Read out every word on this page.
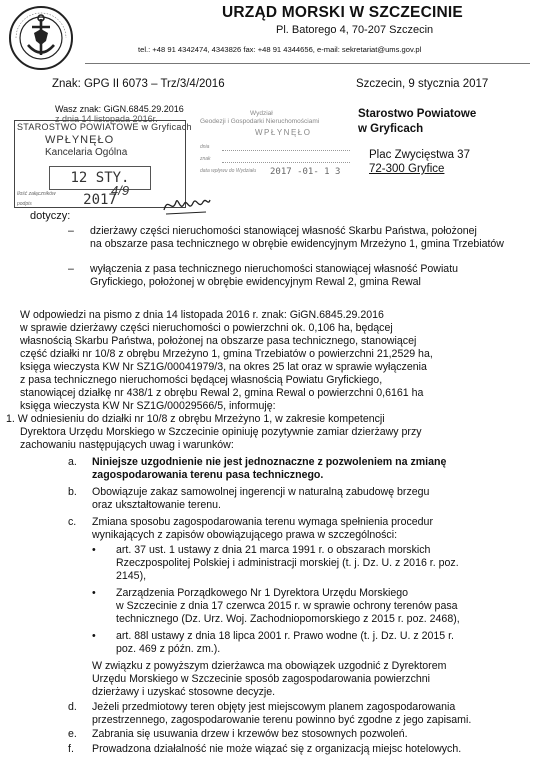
URZĄD MORSKI W SZCZECINIE
Pl. Batorego 4, 70-207 Szczecin
tel.: +48 91 4342474, 4343826 fax: +48 91 4344656, e-mail: sekretariat@ums.gov.pl
Znak: GPG II 6073 – Trz/3/4/2016	Szczecin, 9 stycznia 2017
Wasz znak: GiGN.6845.29.2016
z dnia 14 listopada 2016r.
STAROSTWO POWIATOWE w Gryficach
WPŁYNĘŁO
Kancelaria Ogólna
12 STY. 2017
Ilość załączników
podpis
4/9
Wydział
Geodezji i Gospodarki Nieruchomościami
WPŁYNĘŁO
dnia
znak
data wpływu do Wydziału 2017 -01- 1 3
Starostwo Powiatowe
w Gryficach
Plac Zwycięstwa 37
72-300 Gryfice
dotyczy:
– dzierżawy części nieruchomości stanowiącej własność Skarbu Państwa, położonej
na obszarze pasa technicznego w obrębie ewidencyjnym Mrzeżyno 1, gmina Trzebiatów
– wyłączenia z pasa technicznego nieruchomości stanowiącej własność Powiatu
Gryfickiego, położonej w obrębie ewidencyjnym Rewal 2, gmina Rewal
W odpowiedzi na pismo z dnia 14 listopada 2016 r. znak: GiGN.6845.29.2016
w sprawie dzierżawy części nieruchomości o powierzchni ok. 0,106 ha, będącej
własnością Skarbu Państwa, położonej na obszarze pasa technicznego, stanowiącej
część działki nr 10/8 z obrębu Mrzeżyno 1, gmina Trzebiatów o powierzchni 21,2529 ha,
księga wieczysta KW Nr SZ1G/00041979/3, na okres 25 lat oraz w sprawie wyłączenia
z pasa technicznego nieruchomości będącej własnością Powiatu Gryfickiego,
stanowiącej działkę nr 438/1 z obrębu Rewal 2, gmina Rewal o powierzchni 0,6161 ha
księga wieczysta KW Nr SZ1G/00029566/5, informuję:
1. W odniesieniu do działki nr 10/8 z obrębu Mrzeżyno 1, w zakresie kompetencji
Dyrektora Urzędu Morskiego w Szczecinie opiniuję pozytywnie zamiar dzierżawy przy
zachowaniu następujących uwag i warunków:
a. Niniejsze uzgodnienie nie jest jednoznaczne z pozwoleniem na zmianę
zagospodarowania terenu pasa technicznego.
b. Obowiązuje zakaz samowolnej ingerencji w naturalną zabudowę brzegu
oraz ukształtowanie terenu.
c. Zmiana sposobu zagospodarowania terenu wymaga spełnienia procedur
wynikających z zapisów obowiązującego prawa w szczególności:
• art. 37 ust. 1 ustawy z dnia 21 marca 1991 r. o obszarach morskich
Rzeczpospolitej Polskiej i administracji morskiej (t. j. Dz. U. z 2016 r. poz.
2145),
• Zarządzenia Porządkowego Nr 1 Dyrektora Urzędu Morskiego
w Szczecinie z dnia 17 czerwca 2015 r. w sprawie ochrony terenów pasa
technicznego (Dz. Urz. Woj. Zachodniopomorskiego z 2015 r. poz. 2468),
• art. 88l ustawy z dnia 18 lipca 2001 r. Prawo wodne (t. j. Dz. U. z 2015 r.
poz. 469 z późn. zm.).
W związku z powyższym dzierżawca ma obowiązek uzgodnić z Dyrektorem
Urzędu Morskiego w Szczecinie sposób zagospodarowania powierzchni
dzierżawy i uzyskać stosowne decyzje.
d. Jeżeli przedmiotowy teren objęty jest miejscowym planem zagospodarowania
przestrzennego, zagospodarowanie terenu powinno być zgodne z jego zapisami.
e. Zabrania się usuwania drzew i krzewów bez stosownych pozwoleń.
f. Prowadzona działalność nie może wiązać się z organizacją miejsc hotelowych.
